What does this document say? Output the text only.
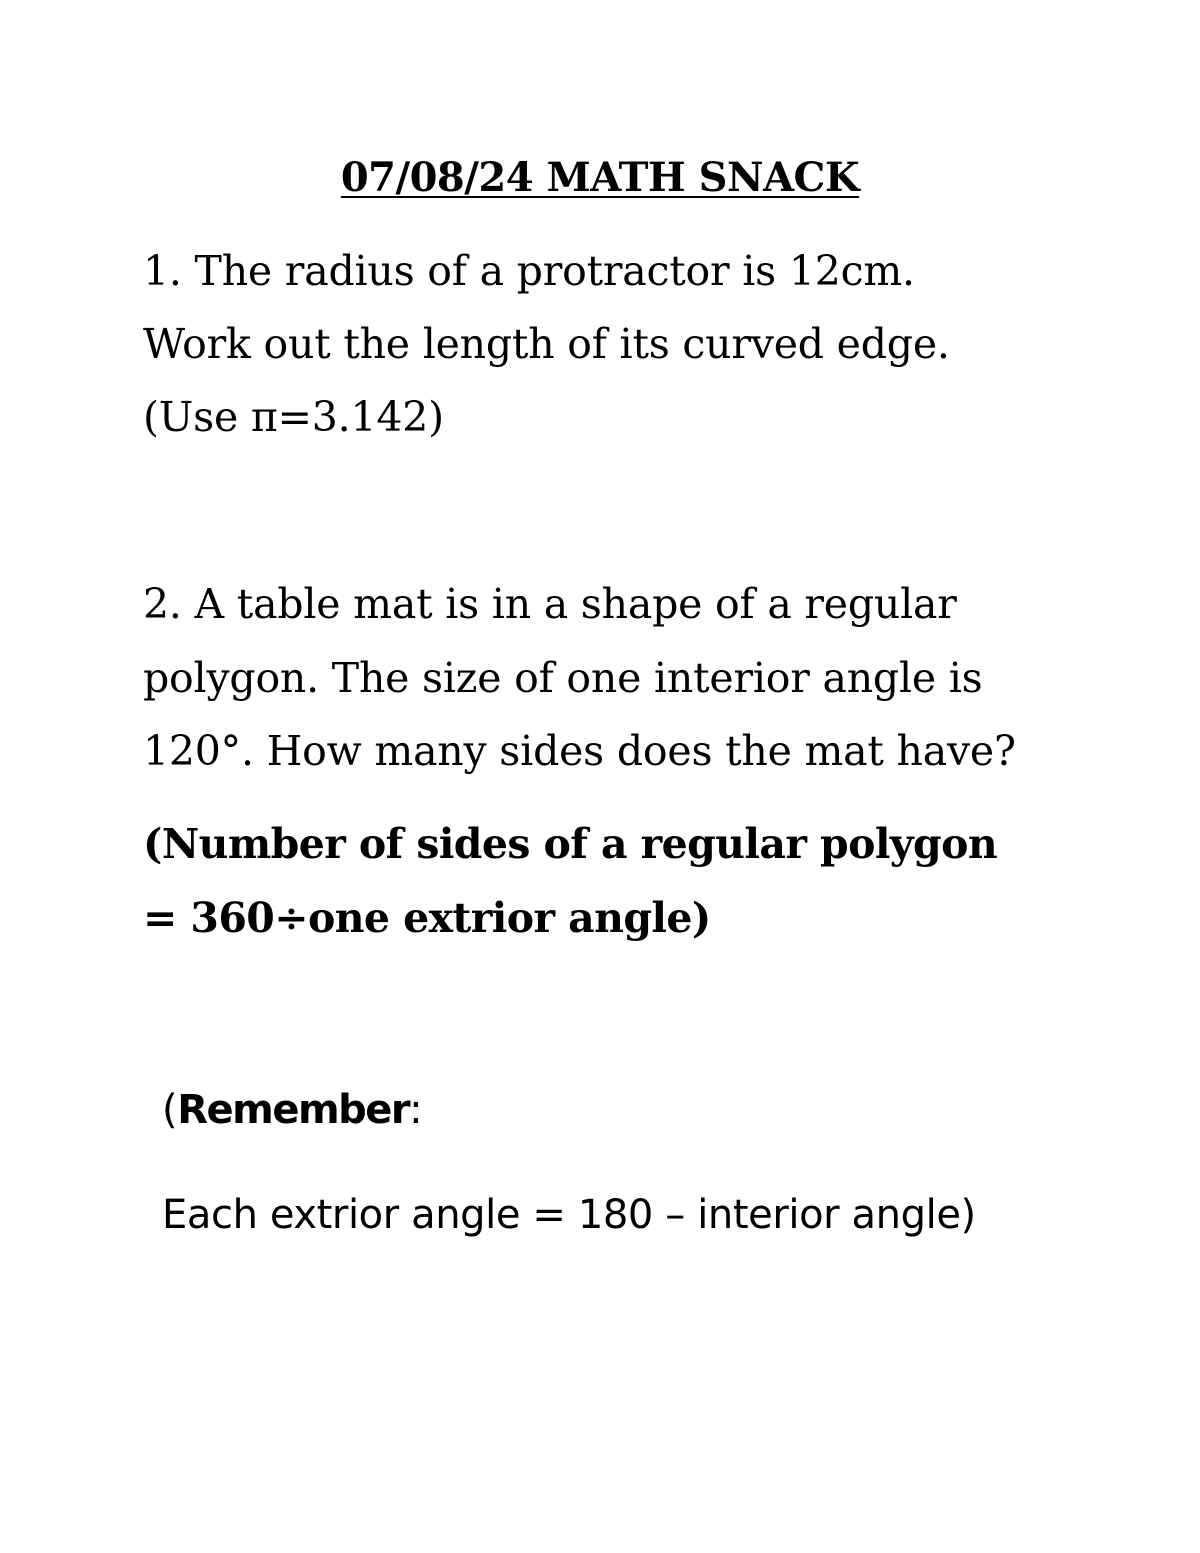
07/08/24 MATH SNACK
1. The radius of a protractor is 12cm.
Work out the length of its curved edge.
(Use π=3.142)
2. A table mat is in a shape of a regular
polygon. The size of one interior angle is
120°. How many sides does the mat have?
(Number of sides of a regular polygon
= 360÷one extrior angle)
(Remember:
Each extrior angle = 180 – interior angle)
